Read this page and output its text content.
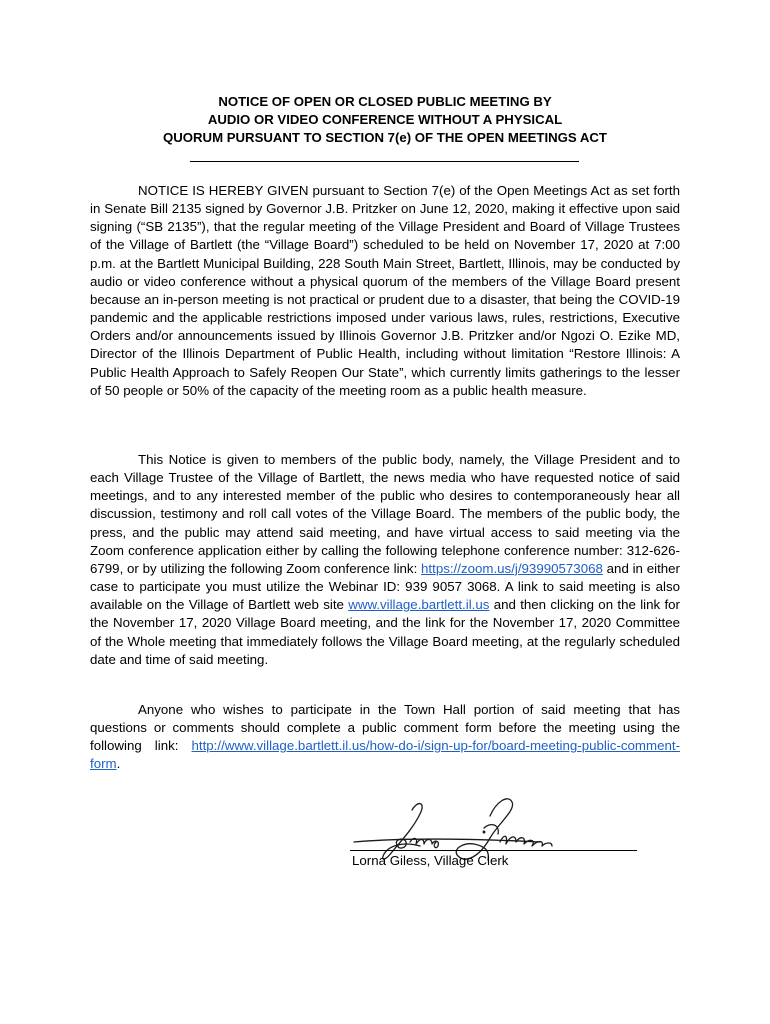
NOTICE OF OPEN OR CLOSED PUBLIC MEETING BY
AUDIO OR VIDEO CONFERENCE WITHOUT A PHYSICAL
QUORUM PURSUANT TO SECTION 7(e) OF THE OPEN MEETINGS ACT

NOTICE IS HEREBY GIVEN pursuant to Section 7(e) of the Open Meetings Act as set forth in Senate Bill 2135 signed by Governor J.B. Pritzker on June 12, 2020, making it effective upon said signing (“SB 2135”), that the regular meeting of the Village President and Board of Village Trustees of the Village of Bartlett (the “Village Board”) scheduled to be held on November 17, 2020 at 7:00 p.m. at the Bartlett Municipal Building, 228 South Main Street, Bartlett, Illinois, may be conducted by audio or video conference without a physical quorum of the members of the Village Board present because an in-person meeting is not practical or prudent due to a disaster, that being the COVID-19 pandemic and the applicable restrictions imposed under various laws, rules, restrictions, Executive Orders and/or announcements issued by Illinois Governor J.B. Pritzker and/or Ngozi O. Ezike MD, Director of the Illinois Department of Public Health, including without limitation “Restore Illinois: A Public Health Approach to Safely Reopen Our State”, which currently limits gatherings to the lesser of 50 people or 50% of the capacity of the meeting room as a public health measure.

This Notice is given to members of the public body, namely, the Village President and to each Village Trustee of the Village of Bartlett, the news media who have requested notice of said meetings, and to any interested member of the public who desires to contemporaneously hear all discussion, testimony and roll call votes of the Village Board. The members of the public body, the press, and the public may attend said meeting, and have virtual access to said meeting via the Zoom conference application either by calling the following telephone conference number: 312-626-6799, or by utilizing the following Zoom conference link: https://zoom.us/j/93990573068 and in either case to participate you must utilize the Webinar ID: 939 9057 3068. A link to said meeting is also available on the Village of Bartlett web site www.village.bartlett.il.us and then clicking on the link for the November 17, 2020 Village Board meeting, and the link for the November 17, 2020 Committee of the Whole meeting that immediately follows the Village Board meeting, at the regularly scheduled date and time of said meeting.

Anyone who wishes to participate in the Town Hall portion of said meeting that has questions or comments should complete a public comment form before the meeting using the following link: http://www.village.bartlett.il.us/how-do-i/sign-up-for/board-meeting-public-comment-form.

Lorna Giless, Village Clerk
